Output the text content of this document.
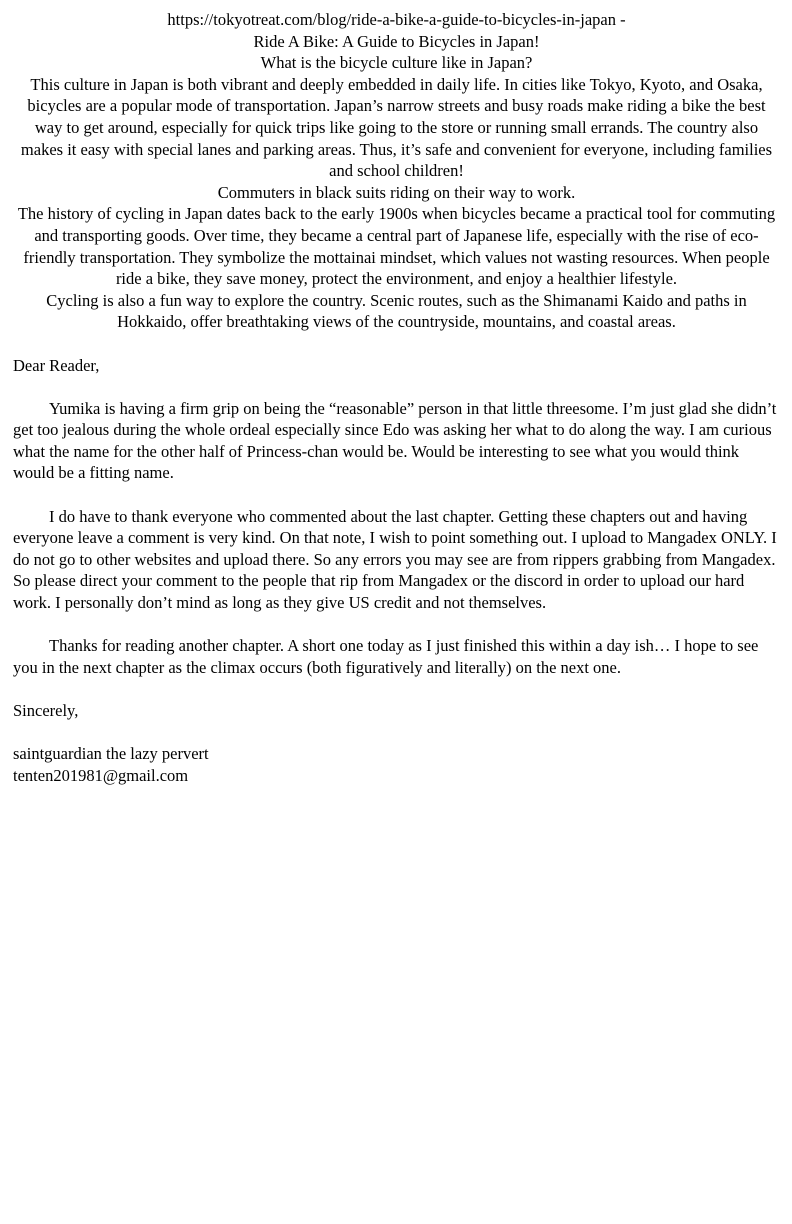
https://tokyotreat.com/blog/ride-a-bike-a-guide-to-bicycles-in-japan -
Ride A Bike: A Guide to Bicycles in Japan!
What is the bicycle culture like in Japan?
This culture in Japan is both vibrant and deeply embedded in daily life. In cities like Tokyo, Kyoto, and Osaka, bicycles are a popular mode of transportation. Japan’s narrow streets and busy roads make riding a bike the best way to get around, especially for quick trips like going to the store or running small errands. The country also makes it easy with special lanes and parking areas. Thus, it’s safe and convenient for everyone, including families and school children!
Commuters in black suits riding on their way to work.
The history of cycling in Japan dates back to the early 1900s when bicycles became a practical tool for commuting and transporting goods. Over time, they became a central part of Japanese life, especially with the rise of eco-friendly transportation. They symbolize the mottainai mindset, which values not wasting resources. When people ride a bike, they save money, protect the environment, and enjoy a healthier lifestyle.
Cycling is also a fun way to explore the country. Scenic routes, such as the Shimanami Kaido and paths in Hokkaido, offer breathtaking views of the countryside, mountains, and coastal areas.

Dear Reader,

Yumika is having a firm grip on being the “reasonable” person in that little threesome. I’m just glad she didn’t get too jealous during the whole ordeal especially since Edo was asking her what to do along the way. I am curious what the name for the other half of Princess-chan would be. Would be interesting to see what you would think would be a fitting name.

I do have to thank everyone who commented about the last chapter. Getting these chapters out and having everyone leave a comment is very kind. On that note, I wish to point something out. I upload to Mangadex ONLY. I do not go to other websites and upload there. So any errors you may see are from rippers grabbing from Mangadex. So please direct your comment to the people that rip from Mangadex or the discord in order to upload our hard work. I personally don’t mind as long as they give US credit and not themselves.

Thanks for reading another chapter. A short one today as I just finished this within a day ish… I hope to see you in the next chapter as the climax occurs (both figuratively and literally) on the next one.

Sincerely,

saintguardian the lazy pervert

tenten201981@gmail.com
